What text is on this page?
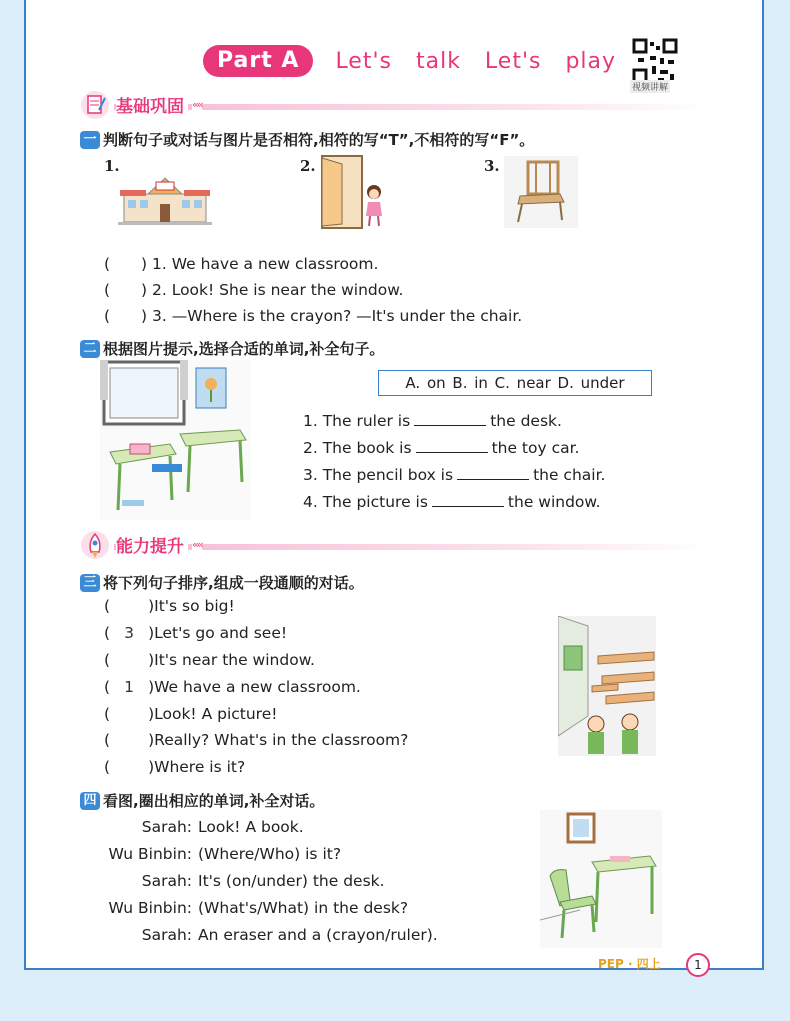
Part A	Let's talk Let's play
视频讲解
基础巩固 ‹‹‹‹
一 判断句子或对话与图片是否相符,相符的写“T”,不相符的写“F”。
1.	2.	3.
(　　) 1. We have a new classroom.
(　　) 2. Look! She is near the window.
(　　) 3. —Where is the crayon? —It's under the chair.
二 根据图片提示,选择合适的单词,补全句子。
A. on B. in C. near D. under
1. The ruler is	the desk.
2. The book is	the toy car.
3. The pencil box is	the chair.
4. The picture is	the window.
能力提升 ‹‹‹‹
三 将下列句子排序,组成一段通顺的对话。
( )It's so big!
( 3 )Let's go and see!
( )It's near the window.
( 1 )We have a new classroom.
( )Look! A picture!
( )Really? What's in the classroom?
( )Where is it?
四 看图,圈出相应的单词,补全对话。
Sarah: Look! A book.
Wu Binbin: (Where/Who) is it?
Sarah: It's (on/under) the desk.
Wu Binbin: (What's/What) in the desk?
Sarah: An eraser and a (crayon/ruler).
PEP · 四上	1
